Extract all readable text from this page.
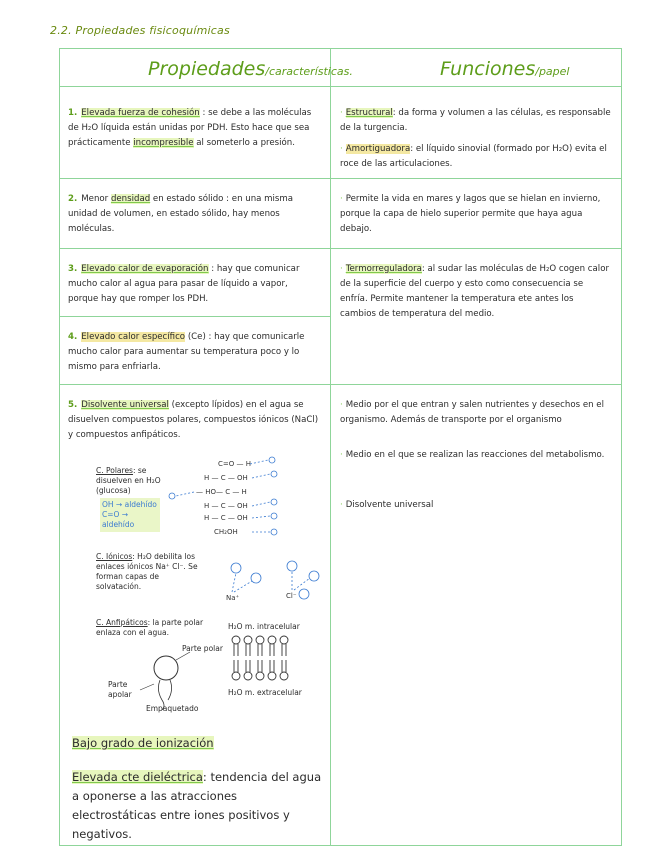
2.2. Propiedades fisicoquímicas
Propiedades/características.	Funciones/papel
1. Elevada fuerza de cohesión : se debe a las moléculas de H₂O líquida están unidas por PDH. Esto hace que sea prácticamente incompresible al someterlo a presión.
· Estructural: da forma y volumen a las células, es responsable de la turgencia.
· Amortiguadora: el líquido sinovial (formado por H₂O) evita el roce de las articulaciones.
2. Menor densidad en estado sólido : en una misma unidad de volumen, en estado sólido, hay menos moléculas.
· Permite la vida en mares y lagos que se hielan en invierno, porque la capa de hielo superior permite que haya agua debajo.
3. Elevado calor de evaporación : hay que comunicar mucho calor al agua para pasar de líquido a vapor, porque hay que romper los PDH.
4. Elevado calor específico (Ce) : hay que comunicarle mucho calor para aumentar su temperatura poco y lo mismo para enfriarla.
· Termorreguladora: al sudar las moléculas de H₂O cogen calor de la superficie del cuerpo y esto como consecuencia se enfría. Permite mantener la temperatura ete antes los cambios de temperatura del medio.
5. Disolvente universal (excepto lípidos) en el agua se disuelven compuestos polares, compuestos iónicos (NaCl) y compuestos anfipáticos.
· Medio por el que entran y salen nutrientes y desechos en el organismo. Además de transporte por el organismo
· Medio en el que se realizan las reacciones del metabolismo.
· Disolvente universal
C. Polares: se disuelven en H₂O
(glucosa)
OH → aldehído
C=O → aldehído
C=O — H
H — C — OH
— HO— C — H
H — C — OH
H — C — OH
CH₂OH
C. Iónicos: H₂O debilita los enlaces iónicos Na⁺ Cl⁻. Se forman capas de solvatación.
Na⁺	Cl⁻
C. Anfipáticos: la parte polar enlaza con el agua.
Parte polar
Parte apolar
Empaquetado
H₂O m. intracelular
H₂O m. extracelular
Bajo grado de ionización
Elevada cte dieléctrica: tendencia del agua a oponerse a las atracciones electrostáticas entre iones positivos y negativos.
